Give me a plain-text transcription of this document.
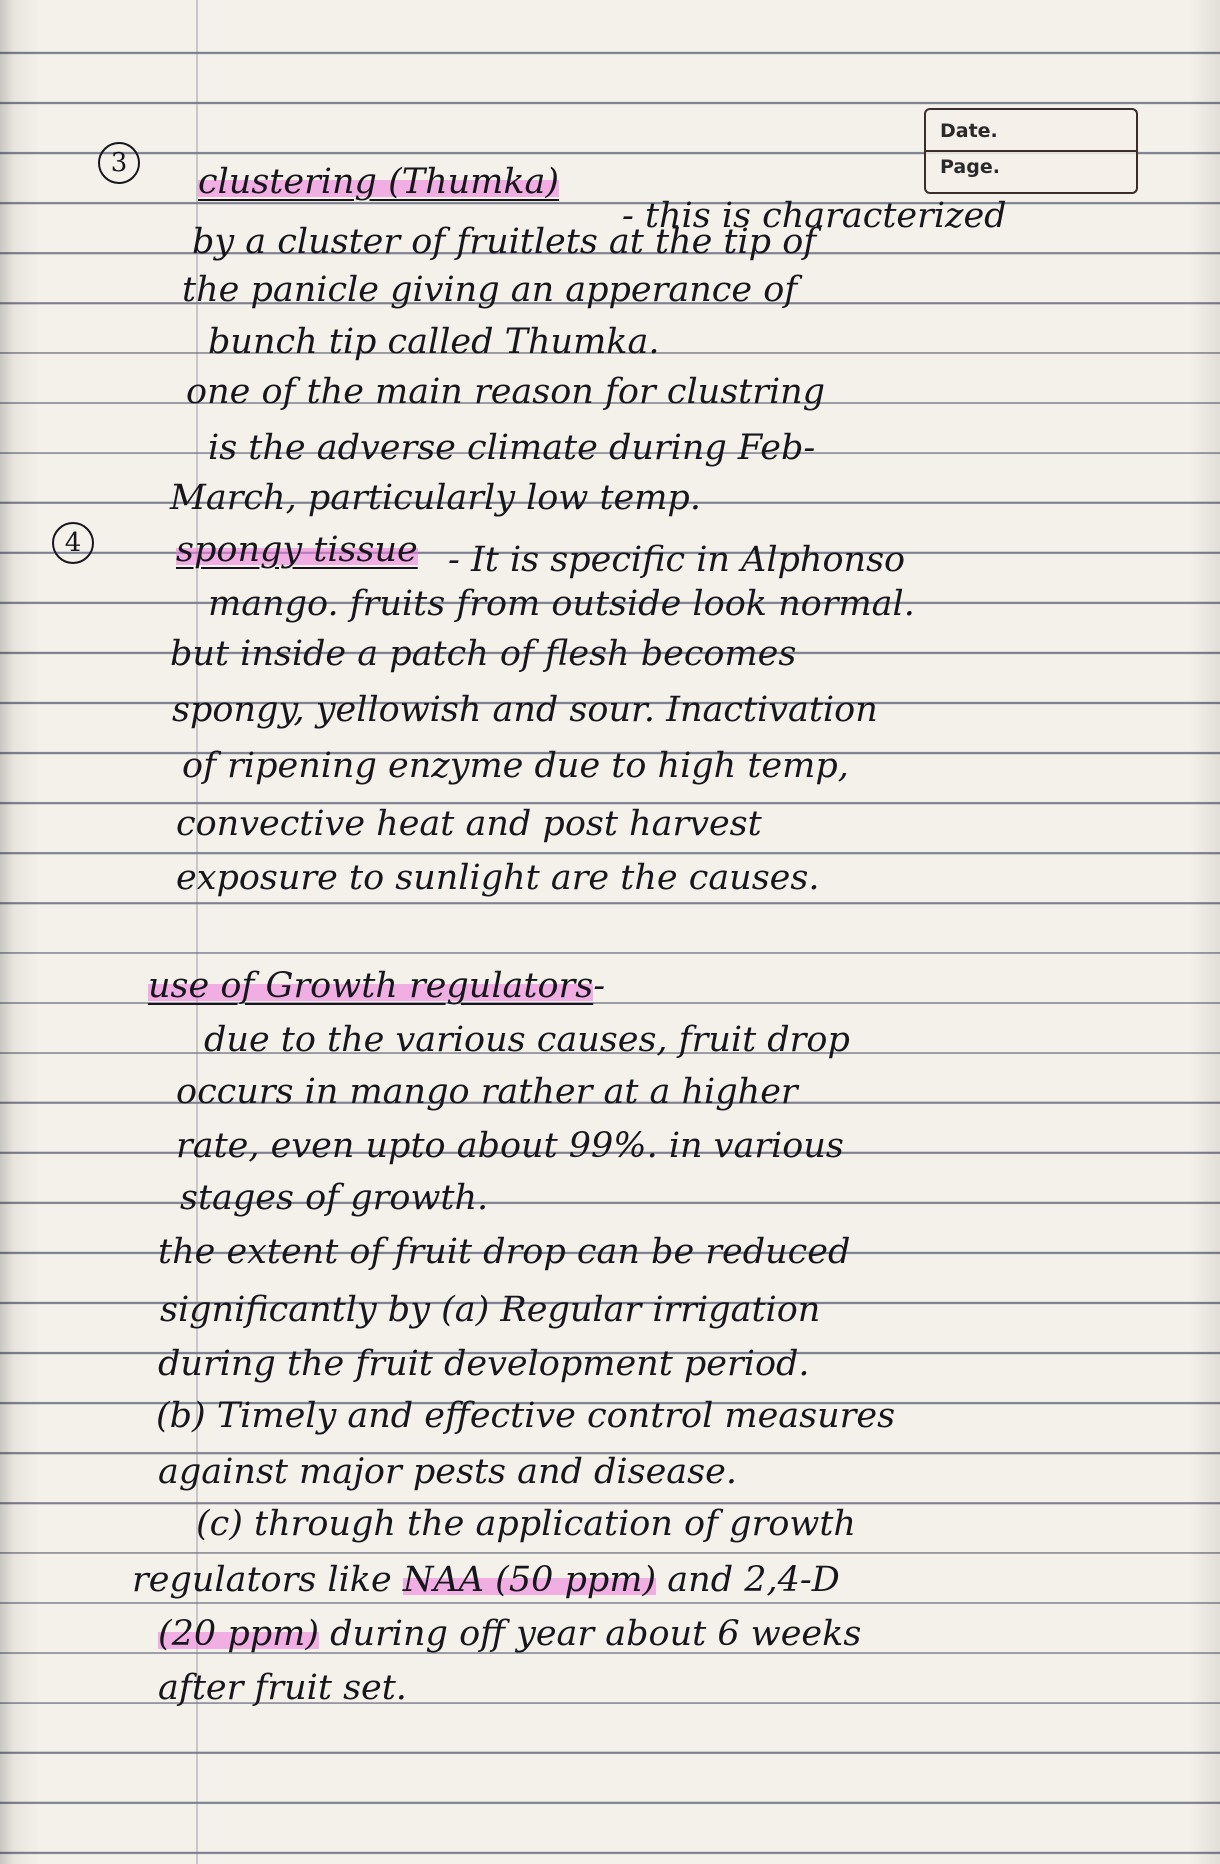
Date.
Page.
3	clustering (Thumka)
- this is characterized
by a cluster of fruitlets at the tip of
the panicle giving an apperance of
bunch tip called Thumka.
one of the main reason for clustring
is the adverse climate during Feb-
March, particularly low temp.
4	spongy tissue - It is specific in Alphonso
mango. fruits from outside look normal.
but inside a patch of flesh becomes
spongy, yellowish and sour. Inactivation
of ripening enzyme due to high temp,
convective heat and post harvest
exposure to sunlight are the causes.
use of Growth regulators-
due to the various causes, fruit drop
occurs in mango rather at a higher
rate, even upto about 99%. in various
stages of growth.
the extent of fruit drop can be reduced
significantly by (a) Regular irrigation
during the fruit development period.
(b) Timely and effective control measures
against major pests and disease.
(c) through the application of growth
regulators like NAA (50 ppm) and 2,4-D
(20 ppm) during off year about 6 weeks
after fruit set.
